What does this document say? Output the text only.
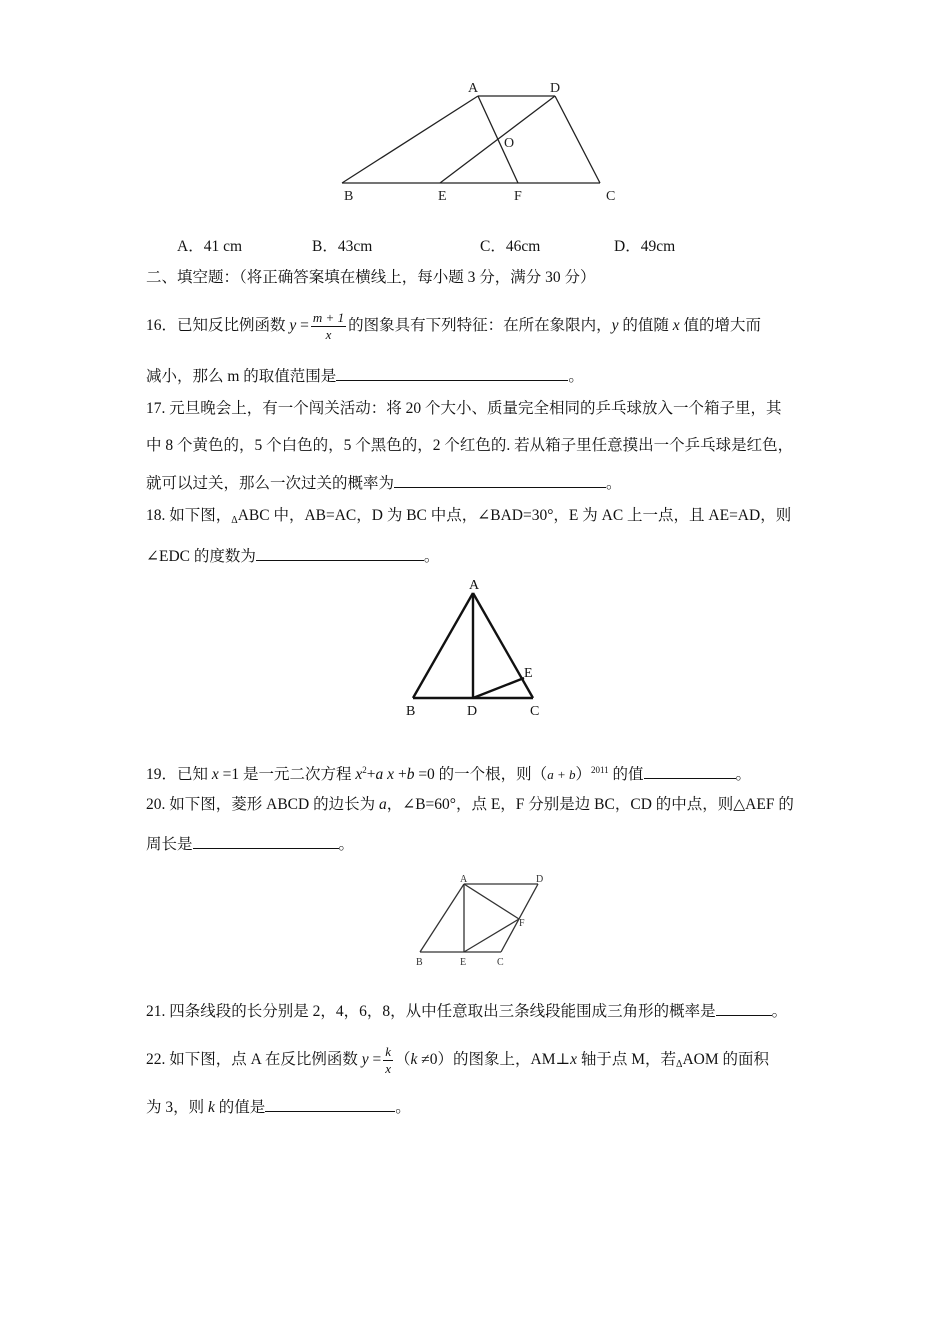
A	D
O
B	E	F	C
A．41 cm	B．43cm	C．46cm	D．49cm
二、填空题：（将正确答案填在横线上，每小题 3 分，满分 30 分）
16．已知反比例函数 $y = \frac{m + 1}{x}$ 的图象具有下列特征：在所在象限内，y 的值随 x 值的增大而
减小，那么 m 的取值范围是	。
17. 元旦晚会上，有一个闯关活动：将 20 个大小、质量完全相同的乒乓球放入一个箱子里，其
中 8 个黄色的，5 个白色的，5 个黑色的，2 个红色的. 若从箱子里任意摸出一个乒乓球是红色，
就可以过关，那么一次过关的概率为	。
18. 如下图，ΔABC 中，AB=AC，D 为 BC 中点，∠BAD=30°，E 为 AC 上一点，且 AE=AD，则
∠EDC 的度数为	。
A
E
B	D	C
19．已知 x =1 是一元二次方程 $x^2+a$ x +b =0 的一个根，则$(a + b)^{2011}$ 的值	。
20. 如下图，菱形 ABCD 的边长为 a，∠B=60°，点 E，F 分别是边 BC，CD 的中点，则△AEF 的
周长是	。
A	D
F
B	E	C
21. 四条线段的长分别是 2，4，6，8，从中任意取出三条线段能围成三角形的概率是	。
22. 如下图，点 A 在反比例函数 $y = \frac{k}{x} (k \ne 0)$的图象上，AM⊥x 轴于点 M，若ΔAOM 的面积
为 3，则 k 的值是	。
